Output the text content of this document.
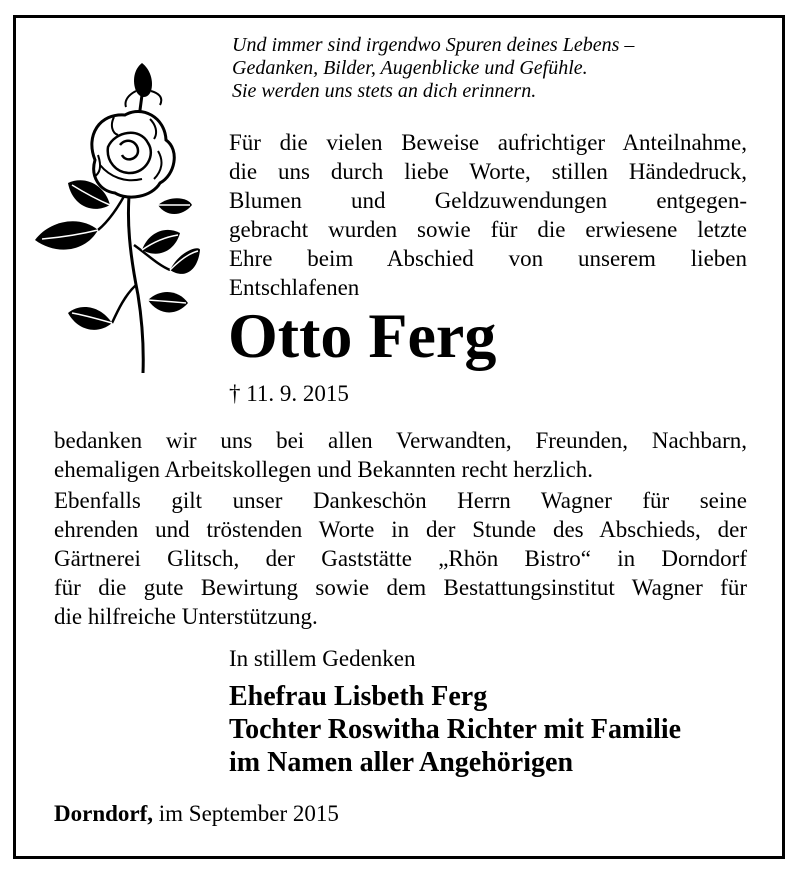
Und immer sind irgendwo Spuren deines Lebens –
Gedanken, Bilder, Augenblicke und Gefühle.
Sie werden uns stets an dich erinnern.
Für die vielen Beweise aufrichtiger Anteilnahme,
die uns durch liebe Worte, stillen Händedruck,
Blumen und Geldzuwendungen entgegen-
gebracht wurden sowie für die erwiesene letzte
Ehre beim Abschied von unserem lieben
Entschlafenen
Otto Ferg
† 11. 9. 2015
bedanken wir uns bei allen Verwandten, Freunden, Nachbarn,
ehemaligen Arbeitskollegen und Bekannten recht herzlich.
Ebenfalls gilt unser Dankeschön Herrn Wagner für seine
ehrenden und tröstenden Worte in der Stunde des Abschieds, der
Gärtnerei Glitsch, der Gaststätte „Rhön Bistro“ in Dorndorf
für die gute Bewirtung sowie dem Bestattungsinstitut Wagner für
die hilfreiche Unterstützung.
In stillem Gedenken
Ehefrau Lisbeth Ferg
Tochter Roswitha Richter mit Familie
im Namen aller Angehörigen
Dorndorf, im September 2015
